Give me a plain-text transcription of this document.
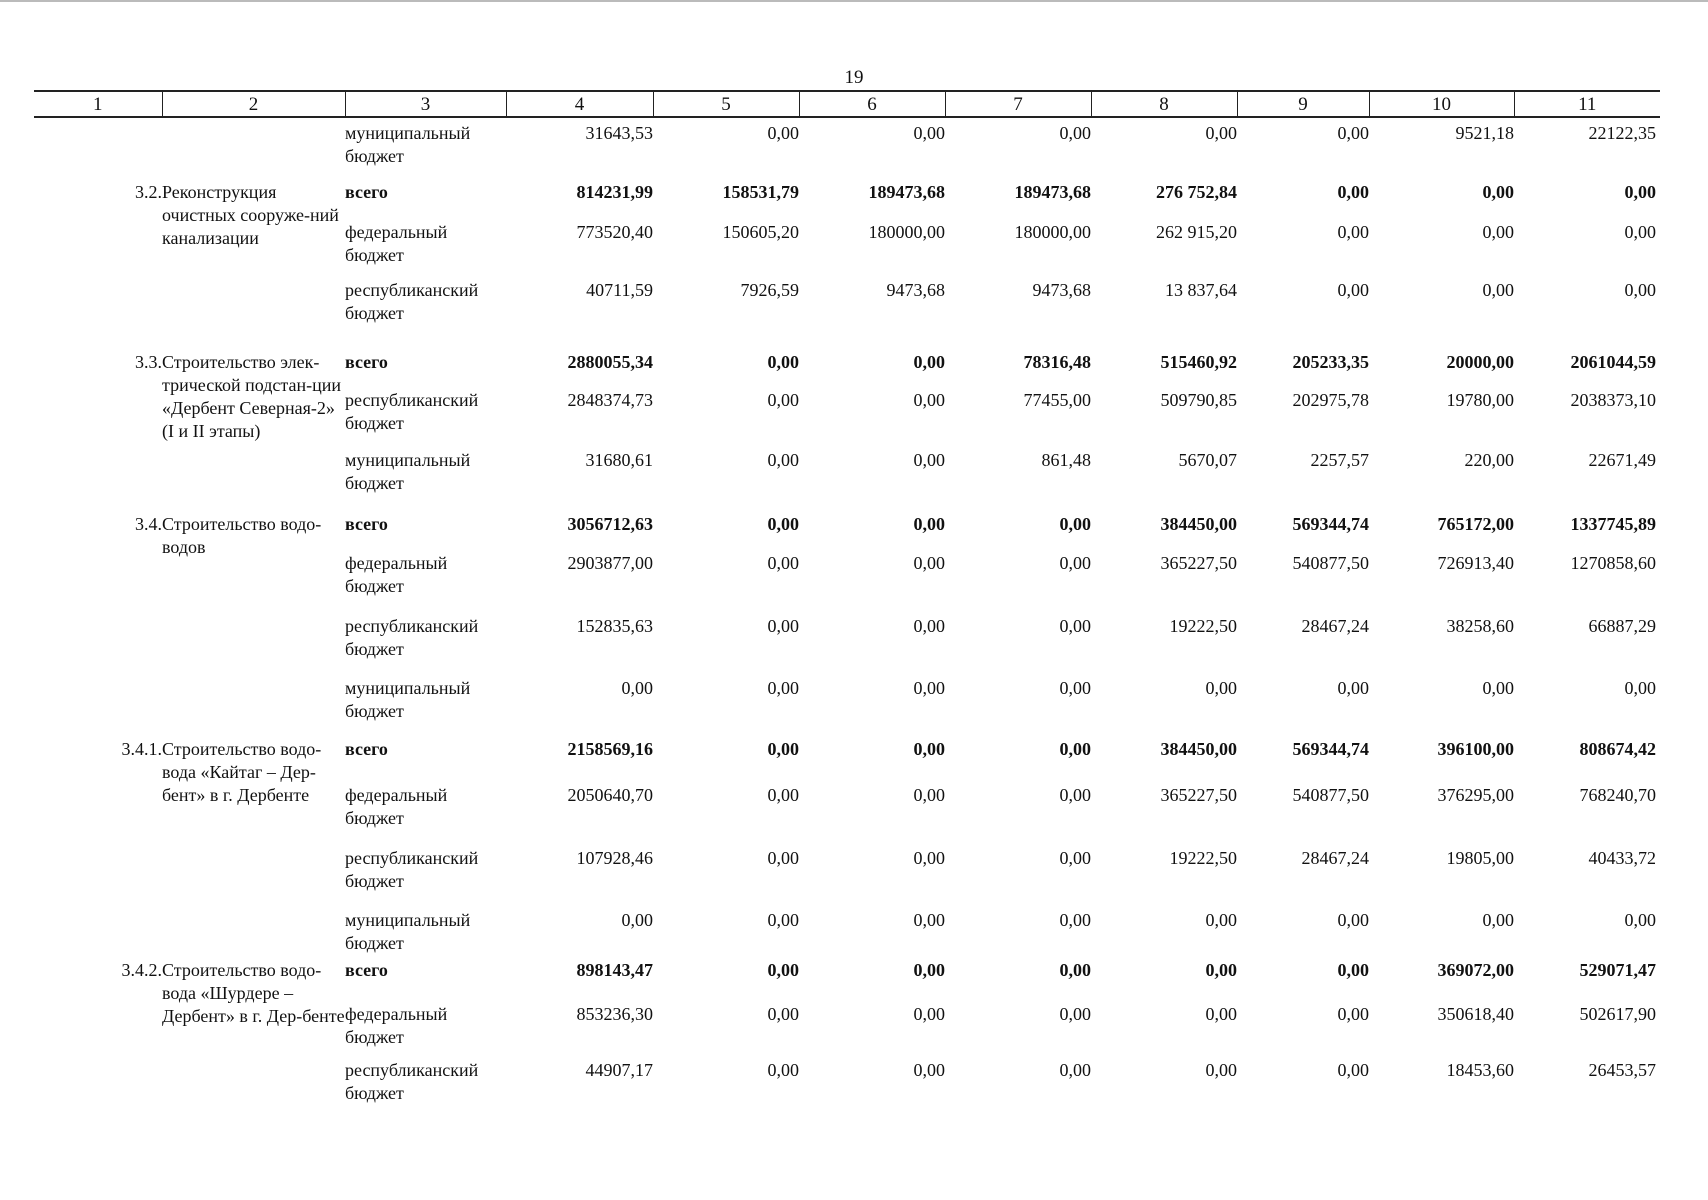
19
1	2	3	4	5	6	7	8	9	10	11
		муниципальный бюджет	31643,53	0,00	0,00	0,00	0,00	0,00	9521,18	22122,35
3.2.	Реконструкция очистных сооруже-ний канализации	всего	814231,99	158531,79	189473,68	189473,68	276 752,84	0,00	0,00	0,00
		федеральный бюджет	773520,40	150605,20	180000,00	180000,00	262 915,20	0,00	0,00	0,00
		республиканский бюджет	40711,59	7926,59	9473,68	9473,68	13 837,64	0,00	0,00	0,00
3.3.	Строительство элек-трической подстан-ции «Дербент Северная-2» (I и II этапы)	всего	2880055,34	0,00	0,00	78316,48	515460,92	205233,35	20000,00	2061044,59
		республиканский бюджет	2848374,73	0,00	0,00	77455,00	509790,85	202975,78	19780,00	2038373,10
		муниципальный бюджет	31680,61	0,00	0,00	861,48	5670,07	2257,57	220,00	22671,49
3.4.	Строительство водо-водов	всего	3056712,63	0,00	0,00	0,00	384450,00	569344,74	765172,00	1337745,89
		федеральный бюджет	2903877,00	0,00	0,00	0,00	365227,50	540877,50	726913,40	1270858,60
		республиканский бюджет	152835,63	0,00	0,00	0,00	19222,50	28467,24	38258,60	66887,29
		муниципальный бюджет	0,00	0,00	0,00	0,00	0,00	0,00	0,00	0,00
3.4.1.	Строительство водо-вода «Кайтаг – Дер-бент» в г. Дербенте	всего	2158569,16	0,00	0,00	0,00	384450,00	569344,74	396100,00	808674,42
		федеральный бюджет	2050640,70	0,00	0,00	0,00	365227,50	540877,50	376295,00	768240,70
		республиканский бюджет	107928,46	0,00	0,00	0,00	19222,50	28467,24	19805,00	40433,72
		муниципальный бюджет	0,00	0,00	0,00	0,00	0,00	0,00	0,00	0,00
3.4.2.	Строительство водо-вода «Шурдере – Дербент» в г. Дер-бенте	всего	898143,47	0,00	0,00	0,00	0,00	0,00	369072,00	529071,47
		федеральный бюджет	853236,30	0,00	0,00	0,00	0,00	0,00	350618,40	502617,90
		республиканский бюджет	44907,17	0,00	0,00	0,00	0,00	0,00	18453,60	26453,57
